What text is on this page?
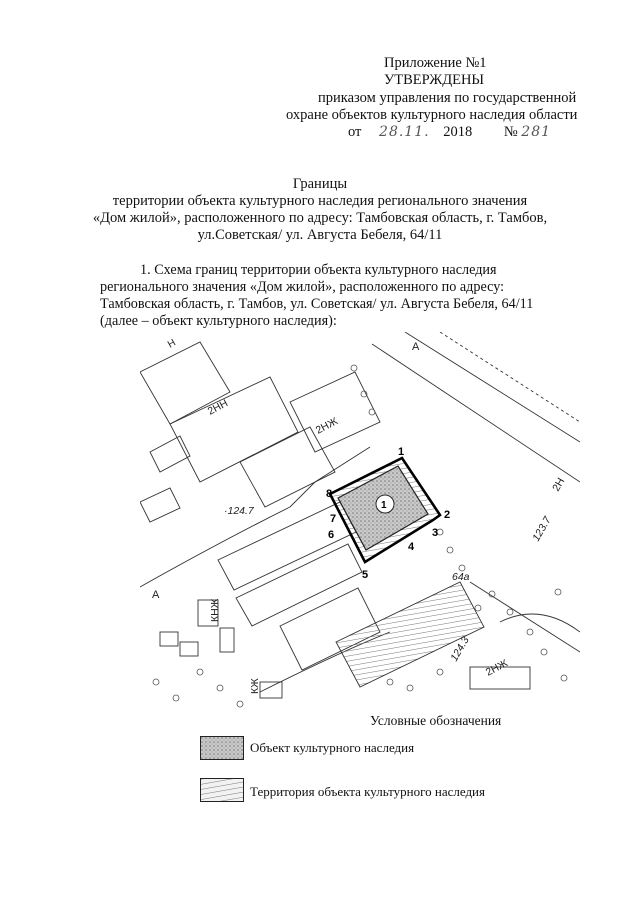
Приложение №1
УТВЕРЖДЕНЫ
приказом управления по государственной
охране объектов культурного наследия области
от 28.11. 2018 № 281
Границы
территории объекта культурного наследия регионального значения
«Дом жилой», расположенного по адресу: Тамбовская область, г. Тамбов,
ул.Советская/ ул. Августа Бебеля, 64/11
1. Схема границ территории объекта культурного наследия
регионального значения «Дом жилой», расположенного по адресу:
Тамбовская область, г. Тамбов, ул. Советская/ ул. Августа Бебеля, 64/11
(далее – объект культурного наследия):
2НН
2НЖ
2Н
КНЖ
2НЖ
КЖ
64а
Н	А
А
·124.7
124.3
123.7
1
2
3
4
5
6
7
8
1
Условные обозначения
Объект культурного наследия
Территория объекта культурного наследия
